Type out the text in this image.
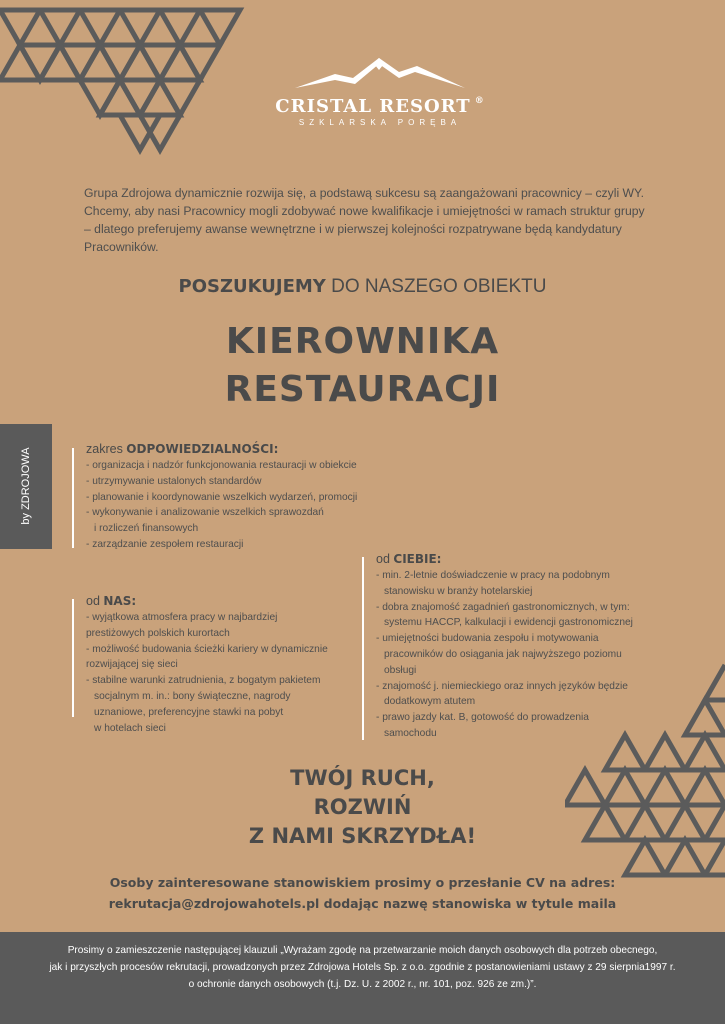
CRISTAL RESORT ®
SZKLARSKA PORĘBA

Grupa Zdrojowa dynamicznie rozwija się, a podstawą sukcesu są zaangażowani pracownicy – czyli WY. Chcemy, aby nasi Pracownicy mogli zdobywać nowe kwalifikacje i umiejętności w ramach struktur grupy – dlatego preferujemy awanse wewnętrzne i w pierwszej kolejności rozpatrywane będą kandydatury Pracowników.

POSZUKUJEMY DO NASZEGO OBIEKTU
KIEROWNIKA
RESTAURACJI
by ZDROJOWA	zakres ODPOWIEDZIALNOŚCI:
- organizacja i nadzór funkcjonowania restauracji w obiekcie
- utrzymywanie ustalonych standardów
- planowanie i koordynowanie wszelkich wydarzeń, promocji
- wykonywanie i analizowanie wszelkich sprawozdań
i rozliczeń finansowych
- zarządzanie zespołem restauracji
od CIEBIE:
- min. 2-letnie doświadczenie w pracy na podobnym
stanowisku w branży hotelarskiej
- dobra znajomość zagadnień gastronomicznych, w tym:
systemu HACCP, kalkulacji i ewidencji gastronomicznej
- umiejętności budowania zespołu i motywowania
pracowników do osiągania jak najwyższego poziomu
obsługi
- znajomość j. niemieckiego oraz innych języków będzie
dodatkowym atutem
- prawo jazdy kat. B, gotowość do prowadzenia
samochodu
od NAS:
- wyjątkowa atmosfera pracy w najbardziej
prestiżowych polskich kurortach
- możliwość budowania ścieżki kariery w dynamicznie
rozwijającej się sieci
- stabilne warunki zatrudnienia, z bogatym pakietem
socjalnym m. in.: bony świąteczne, nagrody
uznaniowe, preferencyjne stawki na pobyt
w hotelach sieci
TWÓJ RUCH,
ROZWIŃ
Z NAMI SKRZYDŁA!
Osoby zainteresowane stanowiskiem prosimy o przesłanie CV na adres:
rekrutacja@zdrojowahotels.pl dodając nazwę stanowiska w tytule maila

Prosimy o zamieszczenie następującej klauzuli „Wyrażam zgodę na przetwarzanie moich danych osobowych dla potrzeb obecnego,
jak i przyszłych procesów rekrutacji, prowadzonych przez Zdrojowa Hotels Sp. z o.o. zgodnie z postanowieniami ustawy z 29 sierpnia1997 r.
o ochronie danych osobowych (t.j. Dz. U. z 2002 r., nr. 101, poz. 926 ze zm.)”.
